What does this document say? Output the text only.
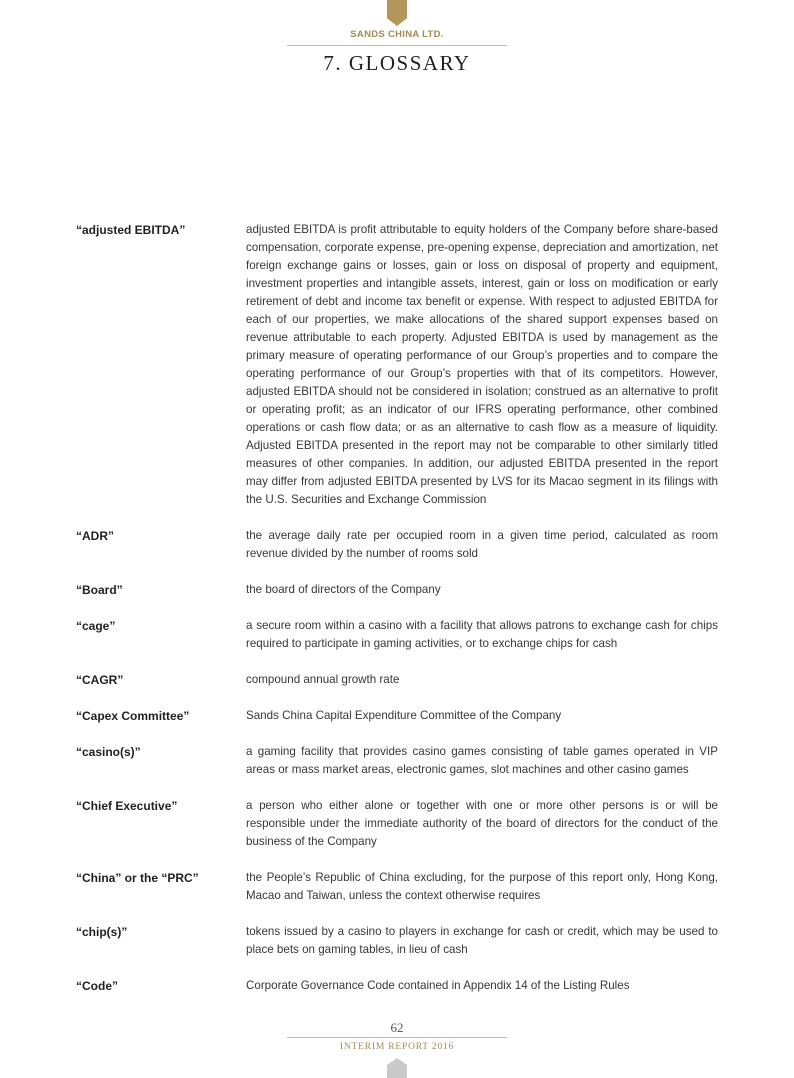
SANDS CHINA LTD.
7. GLOSSARY
“adjusted EBITDA”	adjusted EBITDA is profit attributable to equity holders of the Company before share-based compensation, corporate expense, pre-opening expense, depreciation and amortization, net foreign exchange gains or losses, gain or loss on disposal of property and equipment, investment properties and intangible assets, interest, gain or loss on modification or early retirement of debt and income tax benefit or expense. With respect to adjusted EBITDA for each of our properties, we make allocations of the shared support expenses based on revenue attributable to each property. Adjusted EBITDA is used by management as the primary measure of operating performance of our Group’s properties and to compare the operating performance of our Group’s properties with that of its competitors. However, adjusted EBITDA should not be considered in isolation; construed as an alternative to profit or operating profit; as an indicator of our IFRS operating performance, other combined operations or cash flow data; or as an alternative to cash flow as a measure of liquidity. Adjusted EBITDA presented in the report may not be comparable to other similarly titled measures of other companies. In addition, our adjusted EBITDA presented in the report may differ from adjusted EBITDA presented by LVS for its Macao segment in its filings with the U.S. Securities and Exchange Commission
“ADR”	the average daily rate per occupied room in a given time period, calculated as room revenue divided by the number of rooms sold
“Board”	the board of directors of the Company
“cage”	a secure room within a casino with a facility that allows patrons to exchange cash for chips required to participate in gaming activities, or to exchange chips for cash
“CAGR”	compound annual growth rate
“Capex Committee”	Sands China Capital Expenditure Committee of the Company
“casino(s)”	a gaming facility that provides casino games consisting of table games operated in VIP areas or mass market areas, electronic games, slot machines and other casino games
“Chief Executive”	a person who either alone or together with one or more other persons is or will be responsible under the immediate authority of the board of directors for the conduct of the business of the Company
“China” or the “PRC”	the People’s Republic of China excluding, for the purpose of this report only, Hong Kong, Macao and Taiwan, unless the context otherwise requires
“chip(s)”	tokens issued by a casino to players in exchange for cash or credit, which may be used to place bets on gaming tables, in lieu of cash
“Code”	Corporate Governance Code contained in Appendix 14 of the Listing Rules
62
INTERIM REPORT 2016
